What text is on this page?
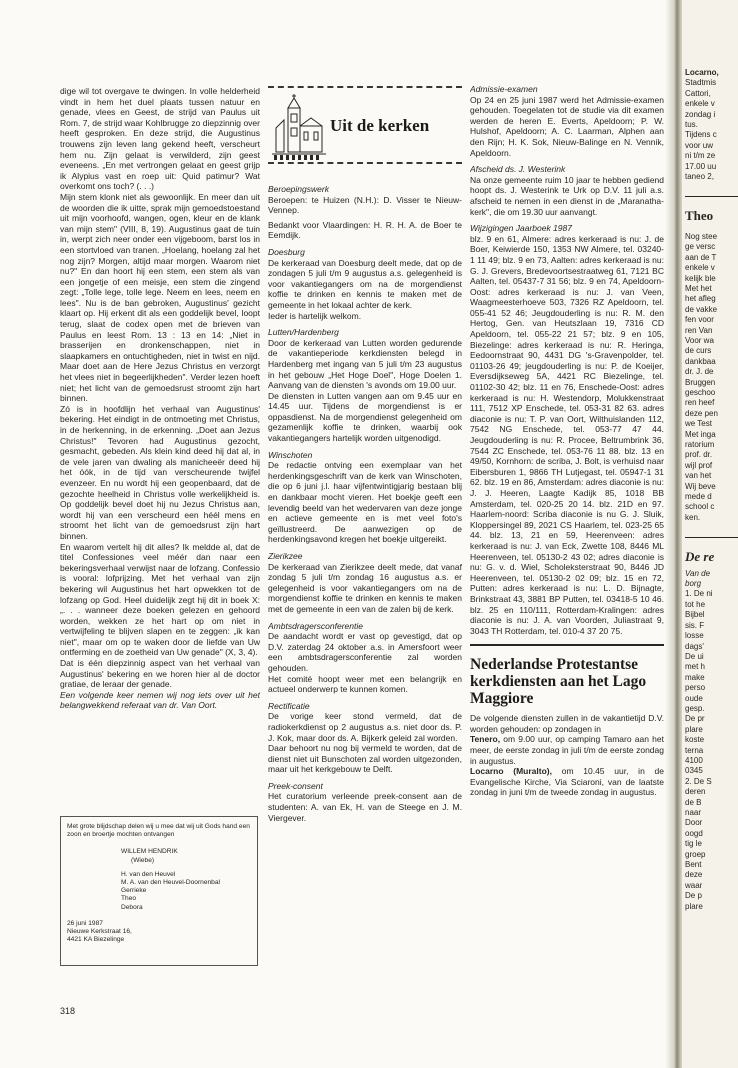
dige wil tot overgave te dwingen. In volle helderheid vindt in hem het duel plaats tussen natuur en genade, vlees en Geest, de strijd van Paulus uit Rom. 7, de strijd waar Kohlbrugge zo diepzinnig over heeft gesproken. En deze strijd, die Augustinus trouwens zijn leven lang gekend heeft, verscheurt hem nu. Zijn gelaat is verwilderd, zijn geest eveneens. „En met vertrongen gelaat en geest grijp ik Alypius vast en roep uit: Quid patimur? Wat overkomt ons toch? (. . .)

Mijn stem klonk niet als gewoonlijk. En meer dan uit de woorden die ik uitte, sprak mijn gemoedstoestand uit mijn voorhoofd, wangen, ogen, kleur en de klank van mijn stem" (VIII, 8, 19). Augustinus gaat de tuin in, werpt zich neer onder een vijgeboom, barst los in een stortvloed van tranen. „Hoelang, hoelang zal het nog zijn? Morgen, altijd maar morgen. Waarom niet nu?" En dan hoort hij een stem, een stem als van een jongetje of een meisje, een stem die zingend zegt: „Tolle lege, tolle lege. Neem en lees, neem en lees". Nu is de ban gebroken, Augustinus' gezicht klaart op. Hij erkent dit als een goddelijk bevel, loopt terug, slaat de codex open met de brieven van Paulus en leest Rom. 13 : 13 en 14: „Niet in brasserijen en dronkenschappen, niet in slaapkamers en ontuchtigheden, niet in twist en nijd. Maar doet aan de Here Jezus Christus en verzorgt het vlees niet in begeerlijkheden". Verder lezen hoeft niet; het licht van de gemoedsrust stroomt zijn hart binnen.

Zó is in hoofdlijn het verhaal van Augustinus' bekering. Het eindigt in de ontmoeting met Christus, in de herkenning, in de erkenning. „Doet aan Jezus Christus!" Tevoren had Augustinus gezocht, gesmacht, gebeden. Als klein kind deed hij dat al, in de vele jaren van dwaling als manicheeër deed hij het óók, in de tijd van verscheurende twijfel evenzeer. En nu wordt hij een geopenbaard, dat de gezochte heelheid in Christus volle werkelijkheid is. Op goddelijk bevel doet hij nu Jezus Christus aan, wordt hij van een verscheurd een héél mens en stroomt het licht van de gemoedsrust zijn hart binnen.

En waarom vertelt hij dit alles? Ik meldde al, dat de titel Confessiones veel méér dan naar een bekeringsverhaal verwijst naar de lofzang. Confessio is vooral: lofprijzing. Met het verhaal van zijn bekering wil Augustinus het hart opwekken tot de lofzang op God. Heel duidelijk zegt hij dit in boek X: „. . . wanneer deze boeken gelezen en gehoord worden, wekken ze het hart op om niet in vertwijfeling te blijven slapen en te zeggen: „ik kan niet", maar om op te waken door de liefde van Uw ontferming en de zoetheid van Uw genade" (X, 3, 4).

Dat is één diepzinnig aspect van het verhaal van Augustinus' bekering en we horen hier al de doctor gratiae, de leraar der genade.

Een volgende keer nemen wij nog iets over uit het belangwekkend referaat van dr. Van Oort.

Met grote blijdschap delen wij u mee dat wij uit Gods hand een zoon en broertje mochten ontvangen
WILLEM HENDRIK
(Wiebe)
H. van den Heuvel
M. A. van den Heuvel-Doornenbal
Gerrieke
Theo
Debora
26 juni 1987
Nieuwe Kerkstraat 16,
4421 KA Biezelinge
318
Uit de kerken
Beroepingswerk

Beroepen: te Huizen (N.H.): D. Visser te Nieuw-Vennep.

Bedankt voor Vlaardingen: H. R. H. A. de Boer te Eemdijk.

Doesburg

De kerkeraad van Doesburg deelt mede, dat op de zondagen 5 juli t/m 9 augustus a.s. gelegenheid is voor vakantiegangers om na de morgendienst koffie te drinken en kennis te maken met de gemeente in het lokaal achter de kerk.

Ieder is hartelijk welkom.

Lutten/Hardenberg

Door de kerkeraad van Lutten worden gedurende de vakantieperiode kerkdiensten belegd in Hardenberg met ingang van 5 juli t/m 23 augustus in het gebouw „Het Hoge Doel", Hoge Doelen 1. Aanvang van de diensten 's avonds om 19.00 uur.

De diensten in Lutten vangen aan om 9.45 uur en 14.45 uur. Tijdens de morgendienst is er oppasdienst. Na de morgendienst gelegenheid om gezamenlijk koffie te drinken, waarbij ook vakantiegangers hartelijk worden uitgenodigd.

Winschoten

De redactie ontving een exemplaar van het herdenkingsgeschrift van de kerk van Winschoten, die op 6 juni j.l. haar vijfentwintigjarig bestaan blij en dankbaar mocht vieren. Het boekje geeft een levendig beeld van het wedervaren van deze jonge en actieve gemeente en is met veel foto's geïllustreerd. De aanwezigen op de herdenkingsavond kregen het boekje uitgereikt.

Zierikzee

De kerkeraad van Zierikzee deelt mede, dat vanaf zondag 5 juli t/m zondag 16 augustus a.s. er gelegenheid is voor vakantiegangers om na de morgendienst koffie te drinken en kennis te maken met de gemeente in een van de zalen bij de kerk.

Ambtsdragersconferentie

De aandacht wordt er vast op gevestigd, dat op D.V. zaterdag 24 oktober a.s. in Amersfoort weer een ambtsdragersconferentie zal worden gehouden.

Het comité hoopt weer met een belangrijk en actueel onderwerp te kunnen komen.

Rectificatie

De vorige keer stond vermeld, dat de radiokerkdienst op 2 augustus a.s. niet door ds. P. J. Kok, maar door ds. A. Bijkerk geleid zal worden.

Daar behoort nu nog bij vermeld te worden, dat de dienst niet uit Bunschoten zal worden uitgezonden, maar uit het kerkgebouw te Delft.

Preek-consent

Het curatorium verleende preek-consent aan de studenten: A. van Ek, H. van de Steege en J. M. Viergever.

Admissie-examen

Op 24 en 25 juni 1987 werd het Admissie-examen gehouden. Toegelaten tot de studie via dit examen werden de heren E. Everts, Apeldoorn; P. W. Hulshof, Apeldoorn; A. C. Laarman, Alphen aan den Rijn; H. K. Sok, Nieuw-Balinge en N. Vennik, Apeldoorn.

Afscheid ds. J. Westerink

Na onze gemeente ruim 10 jaar te hebben gediend hoopt ds. J. Westerink te Urk op D.V. 11 juli a.s. afscheid te nemen in een dienst in de „Maranatha-kerk", die om 19.30 uur aanvangt.

Wijzigingen Jaarboek 1987

blz. 9 en 61, Almere: adres kerkeraad is nu: J. de Boer, Keiwierde 150, 1353 NW Almere, tel. 03240-1 11 49; blz. 9 en 73, Aalten: adres kerkeraad is nu: G. J. Grevers, Bredevoortsestraatweg 61, 7121 BC Aalten, tel. 05437-7 31 56; blz. 9 en 74, Apeldoorn-Oost: adres kerkeraad is nu: J. van Veen, Waagmeesterhoeve 503, 7326 RZ Apeldoorn, tel. 055-41 52 46; Jeugdouderling is nu: R. M. den Hertog, Gen. van Heutszlaan 19, 7316 CD Apeldoorn, tel. 055-22 21 57; blz. 9 en 105, Biezelinge: adres kerkeraad is nu: R. Heringa, Eedoornstraat 90, 4431 DG 's-Gravenpolder, tel. 01103-26 49; jeugdouderling is nu: P. de Koeijer, Eversdijkseweg 5A, 4421 RC Biezelinge, tel. 01102-30 42; blz. 11 en 76, Enschede-Oost: adres kerkeraad is nu: H. Westendorp, Molukkenstraat 111, 7512 XP Enschede, tel. 053-31 82 63. adres diaconie is nu: T. P. van Oort, Wilthuislanden 112, 7542 NG Enschede, tel. 053-77 47 44. Jeugdouderling is nu: R. Procee, Beltrumbrink 36, 7544 ZC Enschede, tel. 053-76 11 88. blz. 13 en 49/50, Kornhorn: de scriba, J. Bolt, is verhuisd naar Eibersburen 1, 9866 TH Lutjegast, tel. 05947-1 31 62. blz. 19 en 86, Amsterdam: adres diaconie is nu: J. J. Heeren, Laagte Kadijk 85, 1018 BB Amsterdam, tel. 020-25 20 14. blz. 21D en 97. Haarlem-noord: Scriba diaconie is nu G. J. Sluik, Kloppersingel 89, 2021 CS Haarlem, tel. 023-25 65 44. blz. 13, 21 en 59, Heerenveen: adres kerkeraad is nu: J. van Eck, Zwette 108, 8446 ML Heerenveen, tel. 05130-2 43 02; adres diaconie is nu: G. v. d. Wiel, Scholeksterstraat 90, 8446 JD Heerenveen, tel. 05130-2 02 09; blz. 15 en 72, Putten: adres kerkeraad is nu: L. D. Bijnagte, Brinkstraat 43, 3881 BP Putten, tel. 03418-5 10 46. blz. 25 en 110/111, Rotterdam-Kralingen: adres diaconie is nu: J. A. van Voorden, Juliastraat 9, 3043 TH Rotterdam, tel. 010-4 37 20 75.

Nederlandse Protestantse kerkdiensten aan het Lago Maggiore

De volgende diensten zullen in de vakantietijd D.V. worden gehouden: op zondagen in

Tenero, om 9.00 uur, op camping Tamaro aan het meer, de eerste zondag in juli t/m de eerste zondag in augustus.

Locarno (Muralto), om 10.45 uur, in de Evangelische Kirche, Via Sciaroni, van de laatste zondag in juni t/m de tweede zondag in augustus.

Locarno,
Stadtmis
Cattori,
enkele v
zondag i
tus.
Tijdens c
voor uw
ni t/m ze
17.00 uu
taneo 2,
Theo
Nog stee
ge versc
aan de T
enkele v
kelijk ble
Met het
het afleg
de vakke
fen voor
ren Van
Voor wa
de curs
dankbaa
dr. J. de
Bruggen
geschoo
ren heef
deze pen
we Test
Met inga
ratorium
prof. dr.
wijl prof
van het
Wij beve
mede d
school c
ken.
De re
Van de
borg
1. De ni
tot he
Bijbel
sis. F
losse
dags'
De ui
met h
make
perso
oude
gesp.
De pr
plare
koste
terna
4100
0345
2. De S
deren
de B
naar
Door
oogd
tig le
groep
Bent
deze
waar
De p
plare
